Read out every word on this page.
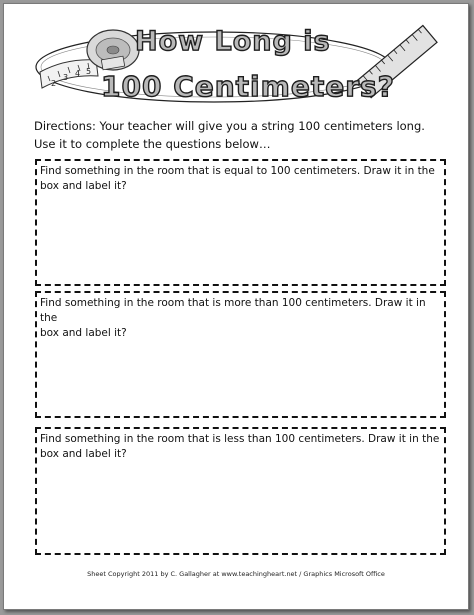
2
3 4 5
How Long is
100 Centimeters?
Directions: Your teacher will give you a string 100 centimeters long.
Use it to complete the questions below…
Find something in the room that is equal to 100 centimeters. Draw it in the
box and label it?
Find something in the room that is more than 100 centimeters. Draw it in the
box and label it?
Find something in the room that is less than 100 centimeters. Draw it in the
box and label it?
Sheet Copyright 2011 by C. Gallagher at www.teachingheart.net / Graphics Microsoft Office
